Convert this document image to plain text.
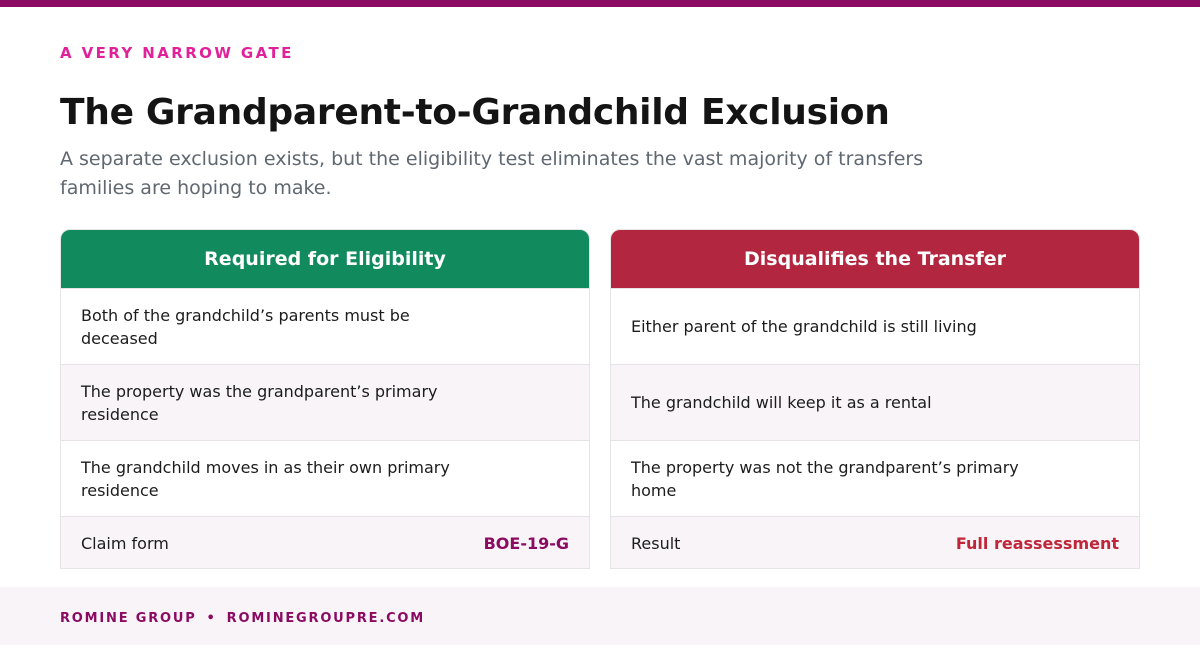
A VERY NARROW GATE
The Grandparent-to-Grandchild Exclusion

A separate exclusion exists, but the eligibility test eliminates the vast majority of transfers families are hoping to make.

Required for Eligibility
Both of the grandchild’s parents must be deceased
The property was the grandparent’s primary residence
The grandchild moves in as their own primary residence
Claim form	BOE-19-G
Disqualifies the Transfer
Either parent of the grandchild is still living
The grandchild will keep it as a rental
The property was not the grandparent’s primary home
Result	Full reassessment
ROMINE GROUP • ROMINEGROUPRE.COM
